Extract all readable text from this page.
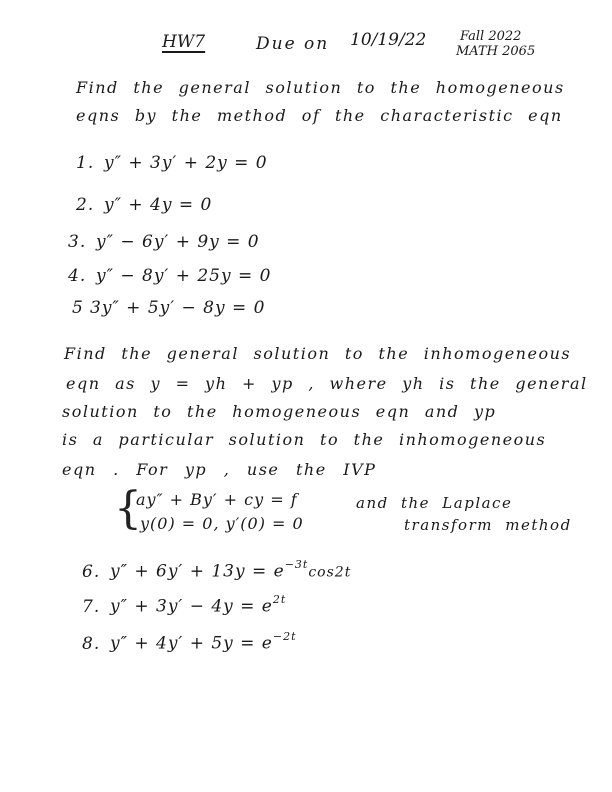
HW7	Due on 10/19/22	Fall 2022
MATH 2065
Find the general solution to the homogeneous
eqns by the method of the characteristic eqn
1. y″ + 3y′ + 2y = 0
2. y″ + 4y = 0
3. y″ − 6y′ + 9y = 0
4. y″ − 8y′ + 25y = 0
5 3y″ + 5y′ − 8y = 0
Find the general solution to the inhomogeneous
eqn as y = yh + yp , where yh is the general
solution to the homogeneous eqn and yp
is a particular solution to the inhomogeneous
eqn . For yp , use the IVP
{
ay″ + By′ + cy = f
y(0) = 0, y′(0) = 0
and the Laplace
transform method
6. $y'' + 6y' + 13y = e^{-3t}\cos 2t$
7. $y'' + 3y' - 4y = e^{2t}$
8. $y'' + 4y' + 5y = e^{-2t}$
